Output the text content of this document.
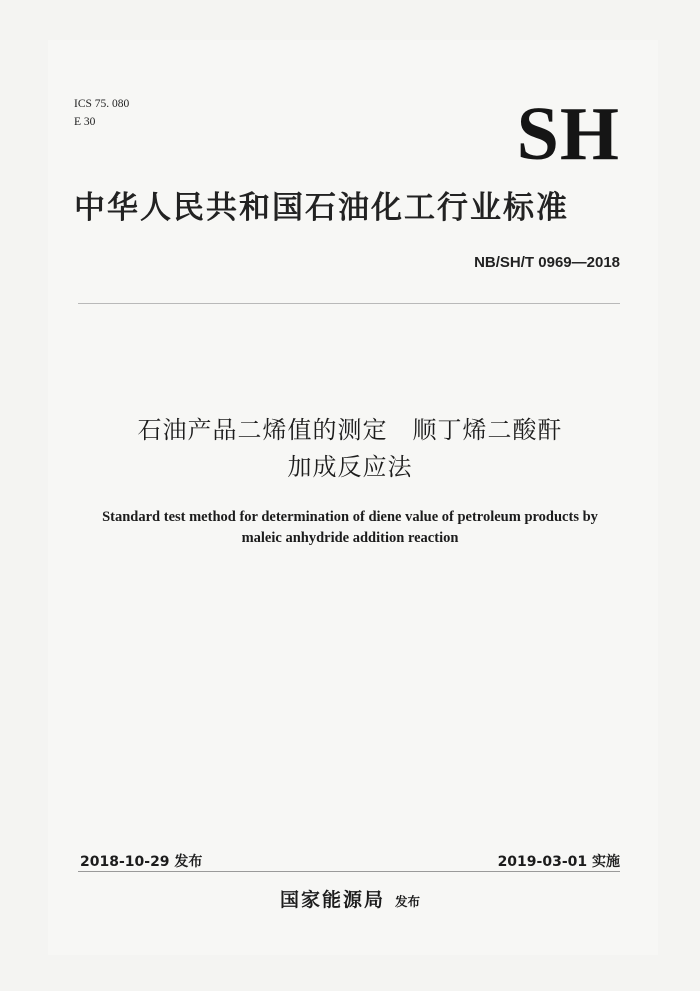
ICS 75. 080
E 30	SH
中华人民共和国石油化工行业标准
NB/SH/T 0969—2018
石油产品二烯值的测定　顺丁烯二酸酐
加成反应法
Standard test method for determination of diene value of petroleum products by
maleic anhydride addition reaction
2018-10-29 发布	2019-03-01 实施
国家能源局 发布
